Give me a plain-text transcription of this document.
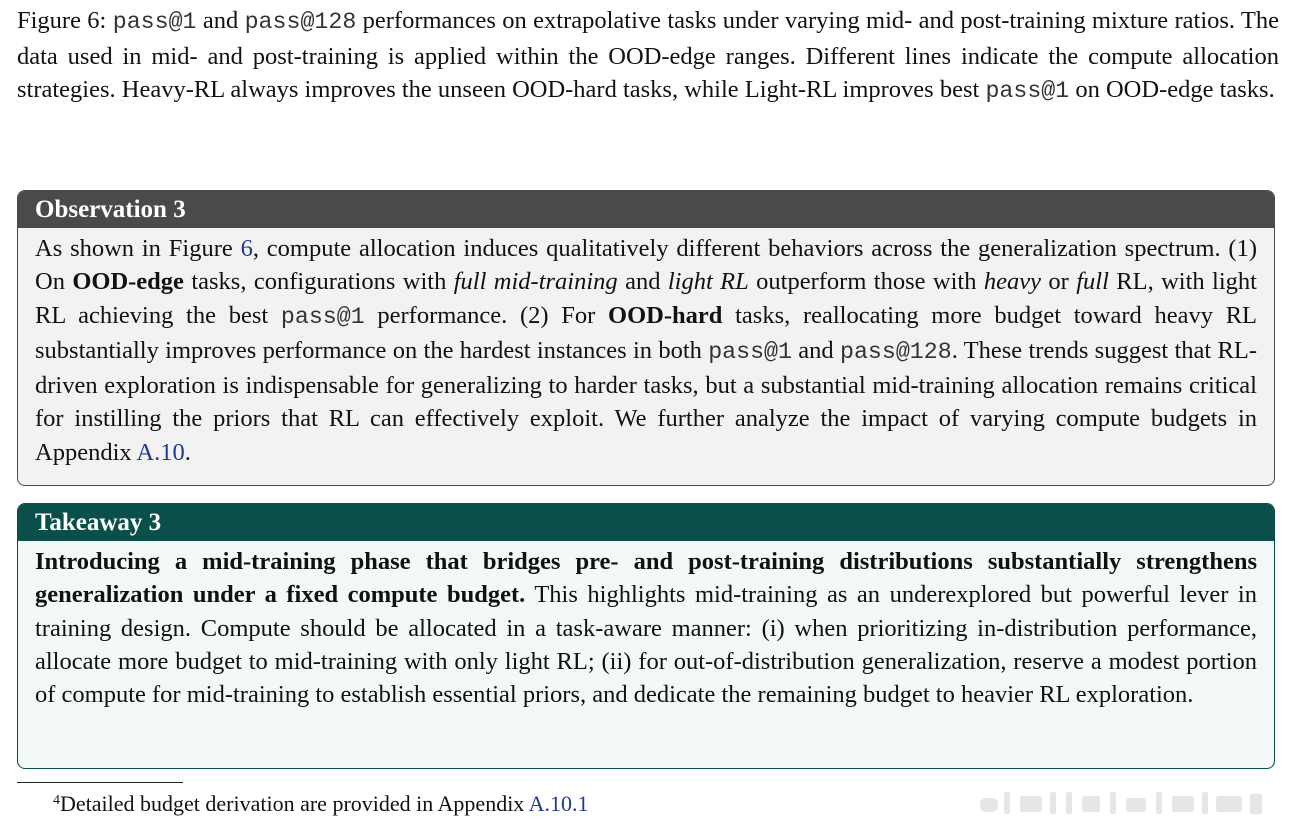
Figure 6: pass@1 and pass@128 performances on extrapolative tasks under varying mid- and post-training mixture ratios. The data used in mid- and post-training is applied within the OOD-edge ranges. Different lines indicate the compute allocation strategies. Heavy-RL always improves the unseen OOD-hard tasks, while Light-RL improves best pass@1 on OOD-edge tasks.

Observation 3
As shown in Figure 6, compute allocation induces qualitatively different behaviors across the generalization spectrum. (1) On OOD-edge tasks, configurations with full mid-training and light RL outperform those with heavy or full RL, with light RL achieving the best pass@1 performance. (2) For OOD-hard tasks, reallocating more budget toward heavy RL substantially improves performance on the hardest instances in both pass@1 and pass@128. These trends suggest that RL-driven exploration is indispensable for generalizing to harder tasks, but a substantial mid-training allocation remains critical for instilling the priors that RL can effectively exploit. We further analyze the impact of varying compute budgets in Appendix A.10.
Takeaway 3
Introducing a mid-training phase that bridges pre- and post-training distributions substantially strengthens generalization under a fixed compute budget. This highlights mid-training as an underexplored but powerful lever in training design. Compute should be allocated in a task-aware manner: (i) when prioritizing in-distribution performance, allocate more budget to mid-training with only light RL; (ii) for out-of-distribution generalization, reserve a modest portion of compute for mid-training to establish essential priors, and dedicate the remaining budget to heavier RL exploration.
$^4$Detailed budget derivation are provided in Appendix A.10.1
